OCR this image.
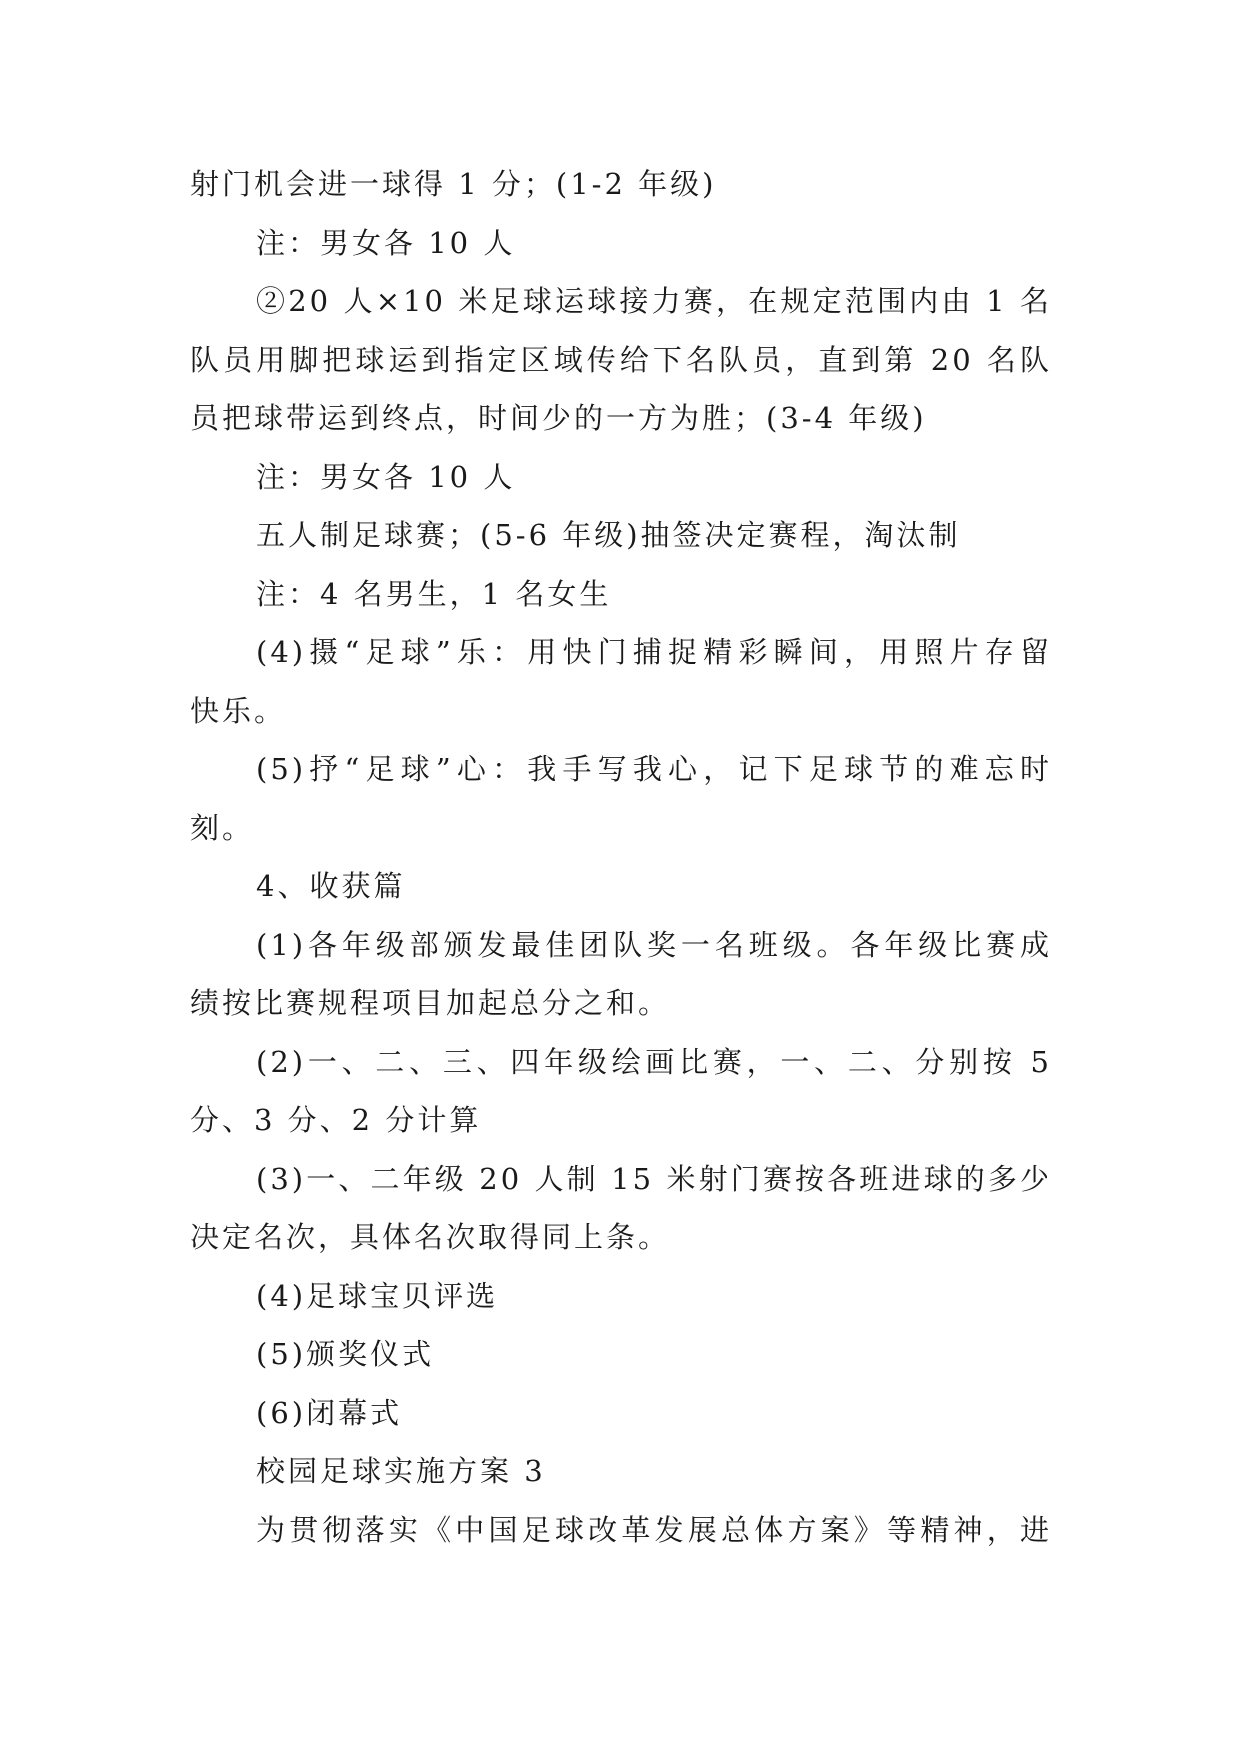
射门机会进一球得 1 分；(1-2 年级)
注：男女各 10 人
②20 人×10 米足球运球接力赛，在规定范围内由 1 名
队员用脚把球运到指定区域传给下名队员，直到第 20 名队
员把球带运到终点，时间少的一方为胜；(3-4 年级)
注：男女各 10 人
五人制足球赛；(5-6 年级)抽签决定赛程，淘汰制
注：4 名男生，1 名女生
(4)摄“足球”乐：用快门捕捉精彩瞬间，用照片存留
快乐。
(5)抒“足球”心：我手写我心，记下足球节的难忘时
刻。
4、收获篇
(1)各年级部颁发最佳团队奖一名班级。各年级比赛成
绩按比赛规程项目加起总分之和。
(2)一、二、三、四年级绘画比赛，一、二、分别按 5
分、3 分、2 分计算
(3)一、二年级 20 人制 15 米射门赛按各班进球的多少
决定名次，具体名次取得同上条。
(4)足球宝贝评选
(5)颁奖仪式
(6)闭幕式
校园足球实施方案 3
为贯彻落实《中国足球改革发展总体方案》等精神，进
